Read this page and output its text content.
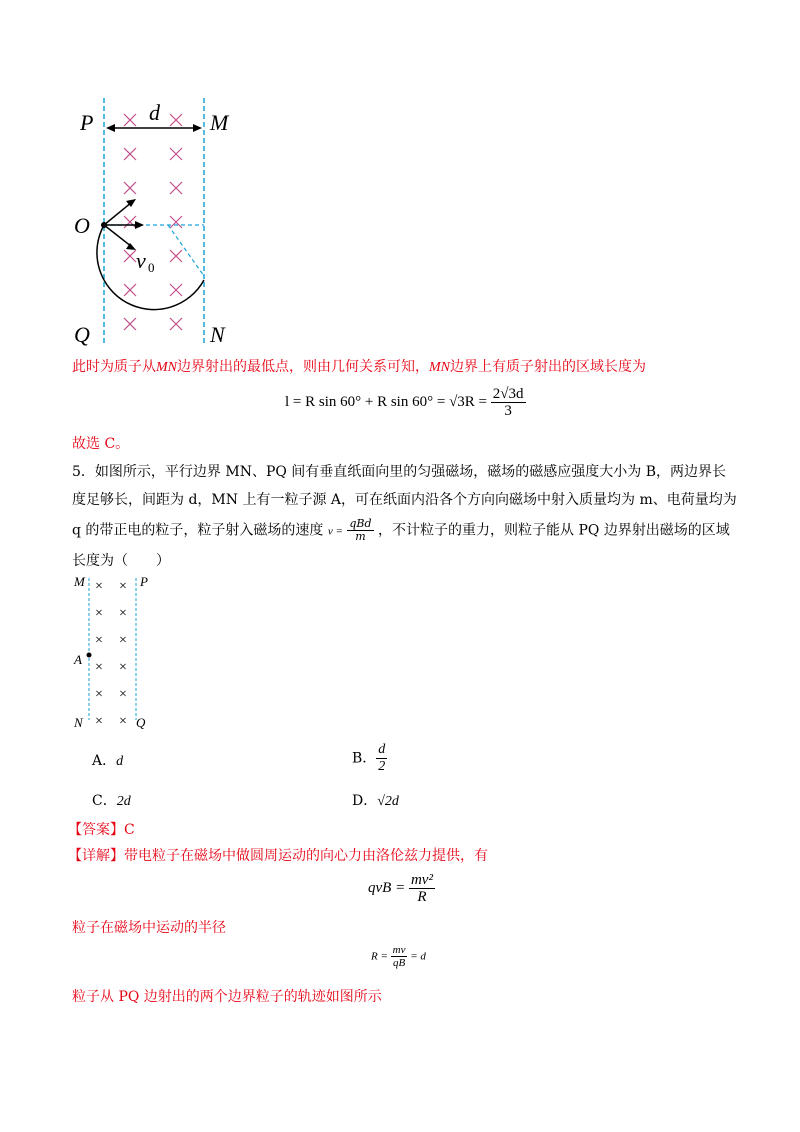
P	d M
O
v 0
Q	N
此时为质子从MN边界射出的最低点，则由几何关系可知，MN边界上有质子射出的区域长度为
l = R sin 60° + R $\sin 60^\circ = √3R = \frac{2√3d}{3}$
故选 C。
5．如图所示，平行边界 MN、PQ 间有垂直纸面向里的匀强磁场，磁场的磁感应强度大小为 B，两边界长
度足够长，间距为 d，MN 上有一粒子源 A，可在纸面内沿各个方向向磁场中射入质量均为 m、电荷量均为
q 的带正电的粒子，粒子射入磁场的速度 $v = \frac{\text{qBd}}{m}$ ，不计粒子的重力，则粒子能从 PQ 边界射出磁场的区域
长度为（　　）
× ×
× ×
× ×
× ×
× ×
× ×
M	P
A
N	Q
A．d	B． $\frac{d}{2}$
C．2d	D．√2d
【答案】C
【详解】带电粒子在磁场中做圆周运动的向心力由洛伦兹力提供，有
qvB = $\frac{\text{mv²}}{R}$
粒子在磁场中运动的半径
$R = \frac{mv}{qB} = d$
粒子从 PQ 边射出的两个边界粒子的轨迹如图所示
